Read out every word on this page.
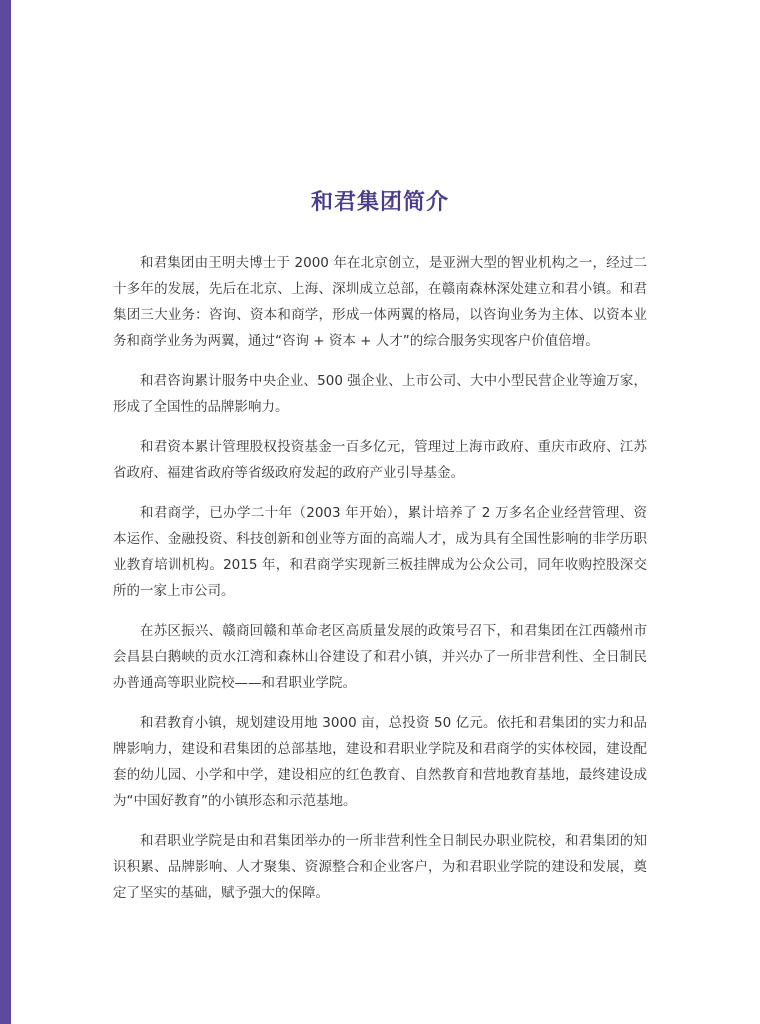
和君集团简介

和君集团由王明夫博士于 2000 年在北京创立，是亚洲大型的智业机构之一，经过二十多年的发展，先后在北京、上海、深圳成立总部，在赣南森林深处建立和君小镇。和君集团三大业务：咨询、资本和商学，形成一体两翼的格局，以咨询业务为主体、以资本业务和商学业务为两翼，通过“咨询 + 资本 + 人才”的综合服务实现客户价值倍增。

和君咨询累计服务中央企业、500 强企业、上市公司、大中小型民营企业等逾万家，形成了全国性的品牌影响力。

和君资本累计管理股权投资基金一百多亿元，管理过上海市政府、重庆市政府、江苏省政府、福建省政府等省级政府发起的政府产业引导基金。

和君商学，已办学二十年（2003 年开始），累计培养了 2 万多名企业经营管理、资本运作、金融投资、科技创新和创业等方面的高端人才，成为具有全国性影响的非学历职业教育培训机构。2015 年，和君商学实现新三板挂牌成为公众公司，同年收购控股深交所的一家上市公司。

在苏区振兴、赣商回赣和革命老区高质量发展的政策号召下，和君集团在江西赣州市会昌县白鹅峡的贡水江湾和森林山谷建设了和君小镇，并兴办了一所非营利性、全日制民办普通高等职业院校——和君职业学院。

和君教育小镇，规划建设用地 3000 亩，总投资 50 亿元。依托和君集团的实力和品牌影响力，建设和君集团的总部基地，建设和君职业学院及和君商学的实体校园，建设配套的幼儿园、小学和中学，建设相应的红色教育、自然教育和营地教育基地，最终建设成为“中国好教育”的小镇形态和示范基地。

和君职业学院是由和君集团举办的一所非营利性全日制民办职业院校，和君集团的知识积累、品牌影响、人才聚集、资源整合和企业客户，为和君职业学院的建设和发展，奠定了坚实的基础，赋予强大的保障。
